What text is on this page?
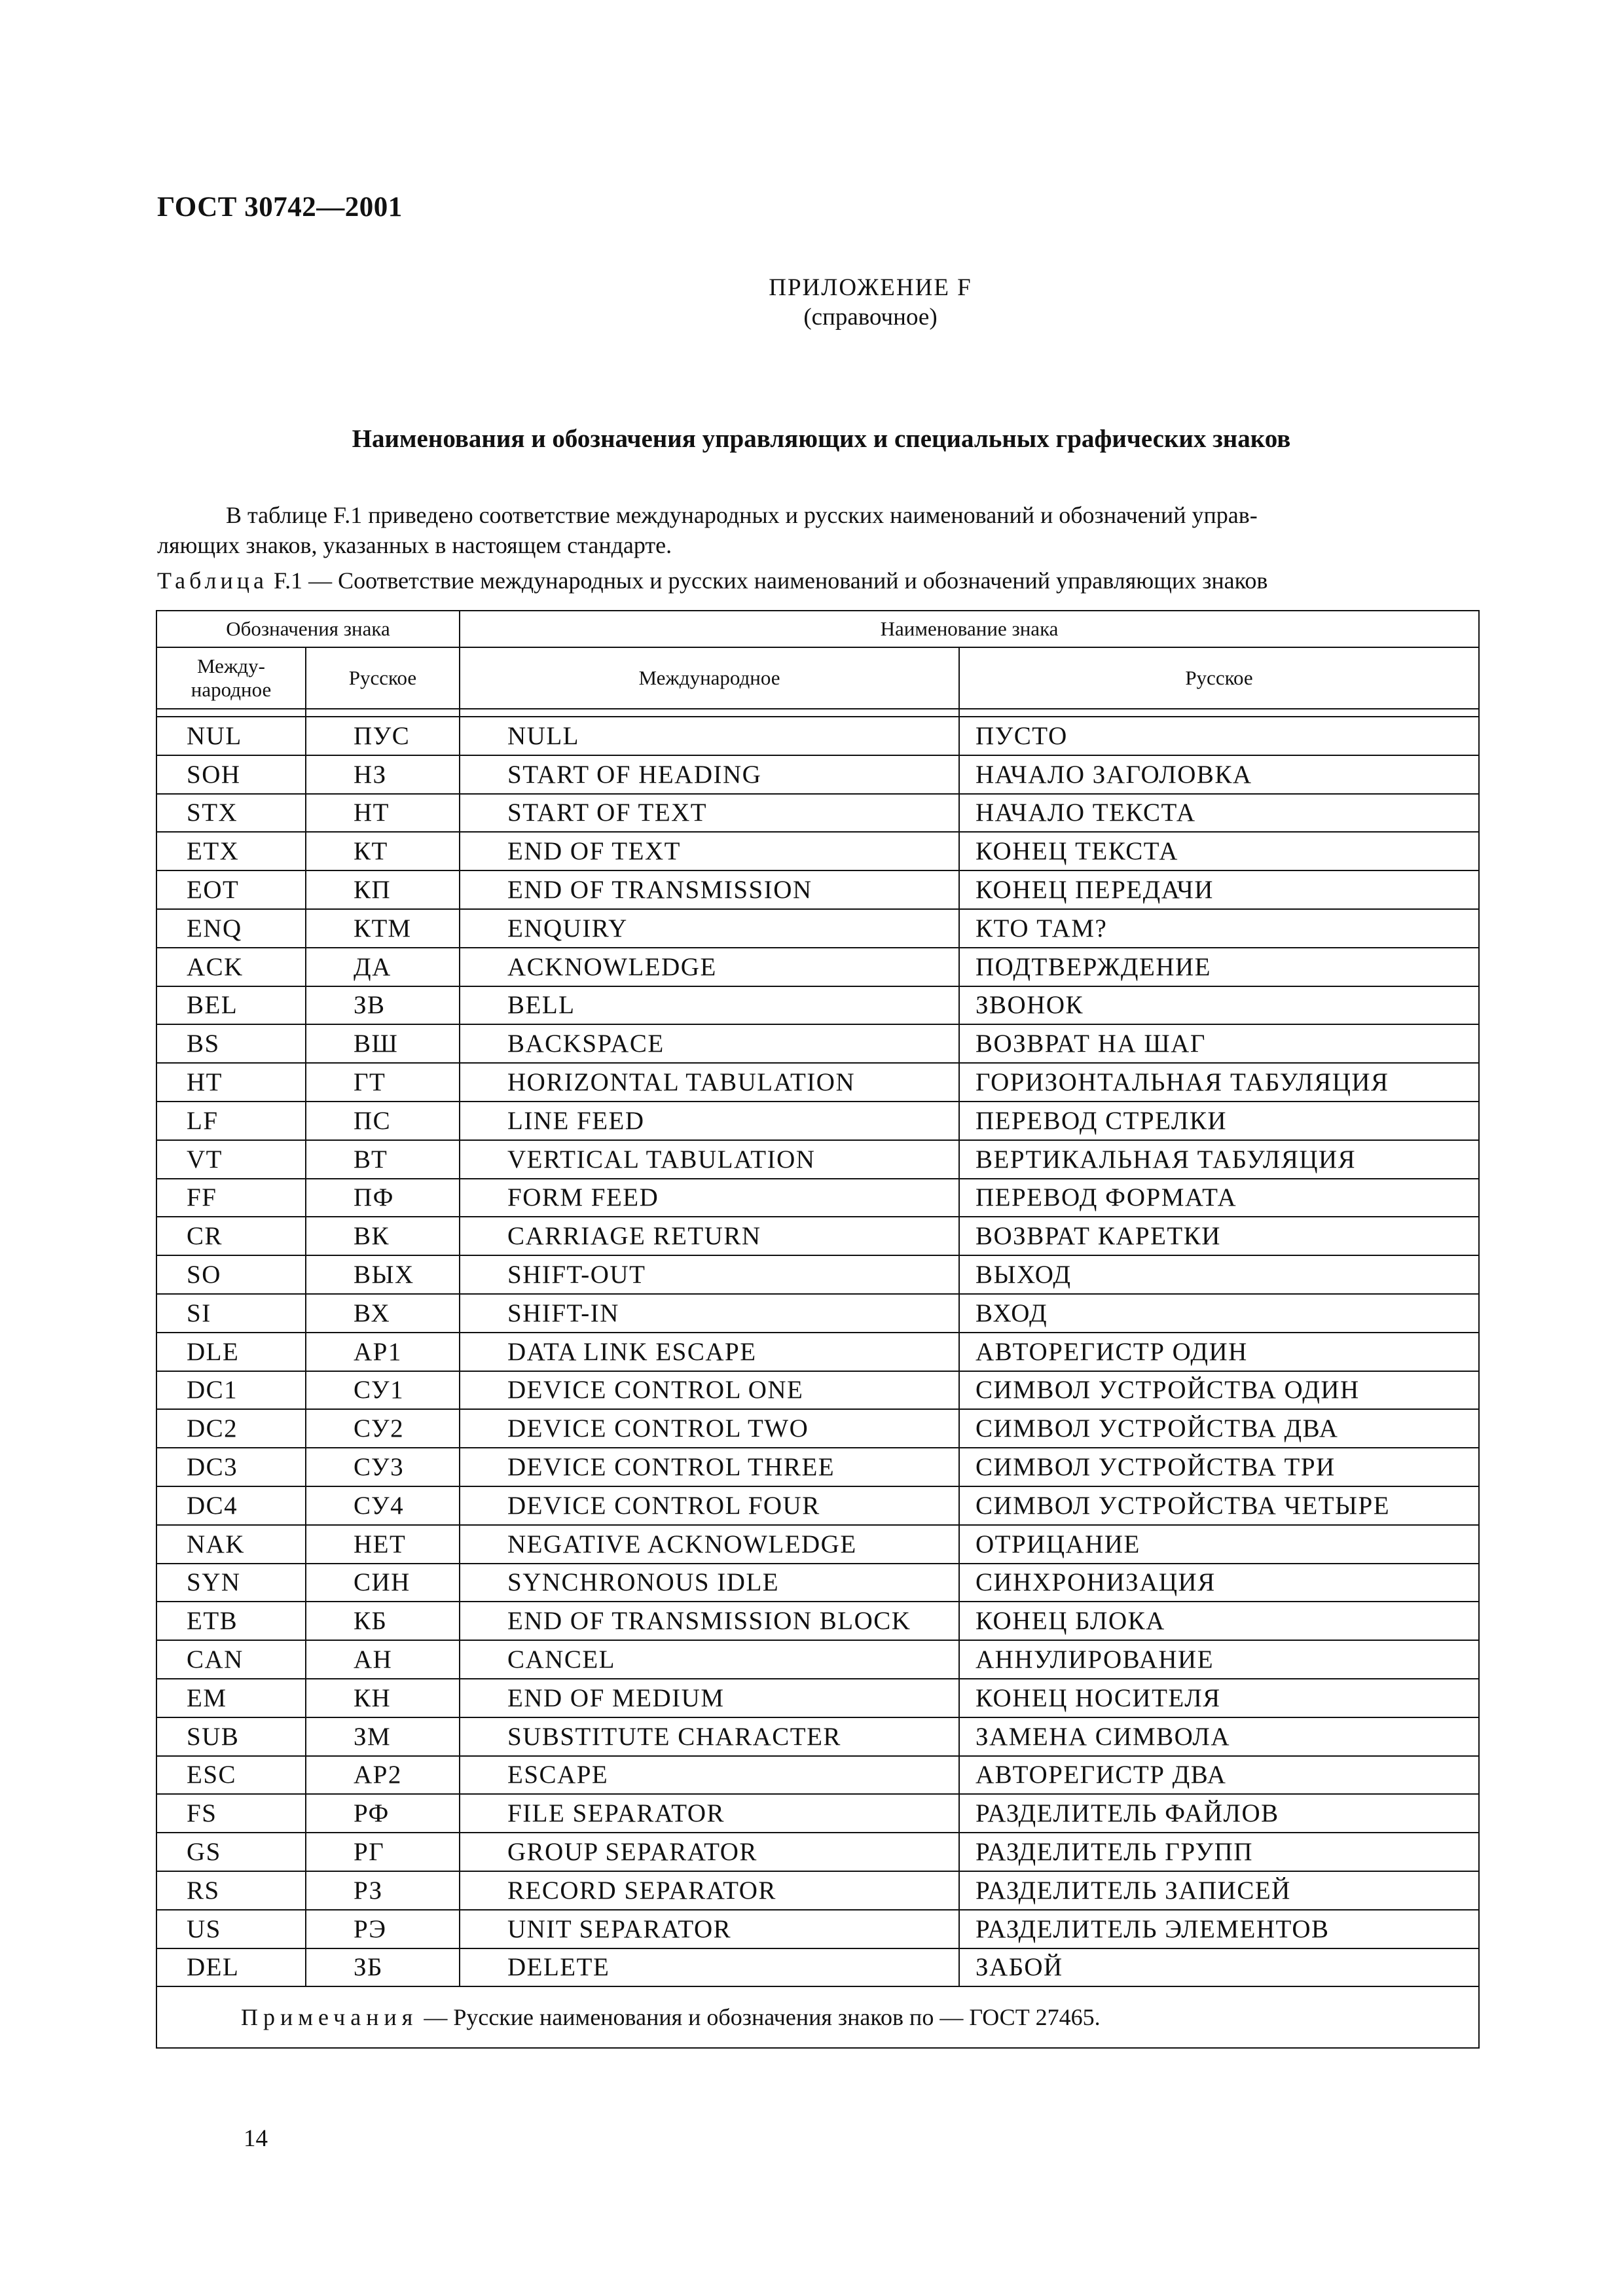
ГОСТ 30742—2001
ПРИЛОЖЕНИЕ F
(справочное)
Наименования и обозначения управляющих и специальных графических знаков
В таблице F.1 приведено соответствие международных и русских наименований и обозначений управ-
ляющих знаков, указанных в настоящем стандарте.
Таблица F.1 — Соответствие международных и русских наименований и обозначений управляющих знаков
Обозначения знака		Наименование знака	

Между-
народное	Русское	Международное	Русское

NUL	ПУС	NULL	ПУСТО
SOH	НЗ	START OF HEADING	НАЧАЛО ЗАГОЛОВКА
STX	НТ	START OF TEXT	НАЧАЛО ТЕКСТА
ETX	КТ	END OF TEXT	КОНЕЦ ТЕКСТА
EOT	КП	END OF TRANSMISSION	КОНЕЦ ПЕРЕДАЧИ
ENQ	КТМ	ENQUIRY	КТО ТАМ?
ACK	ДА	ACKNOWLEDGE	ПОДТВЕРЖДЕНИЕ
BEL	ЗВ	BELL	ЗВОНОК
BS	ВШ	BACKSPACE	ВОЗВРАТ НА ШАГ
HT	ГТ	HORIZONTAL TABULATION	ГОРИЗОНТАЛЬНАЯ ТАБУЛЯЦИЯ
LF	ПС	LINE FEED	ПЕРЕВОД СТРЕЛКИ
VT	ВТ	VERTICAL TABULATION	ВЕРТИКАЛЬНАЯ ТАБУЛЯЦИЯ
FF	ПФ	FORM FEED	ПЕРЕВОД ФОРМАТА
CR	ВК	CARRIAGE RETURN	ВОЗВРАТ КАРЕТКИ
SO	ВЫХ	SHIFT-OUT	ВЫХОД
SI	ВХ	SHIFT-IN	ВХОД
DLE	АР1	DATA LINK ESCAPE	АВТОРЕГИСТР ОДИН
DC1	СУ1	DEVICE CONTROL ONE	СИМВОЛ УСТРОЙСТВА ОДИН
DC2	СУ2	DEVICE CONTROL TWO	СИМВОЛ УСТРОЙСТВА ДВА
DC3	СУ3	DEVICE CONTROL THREE	СИМВОЛ УСТРОЙСТВА ТРИ
DC4	СУ4	DEVICE CONTROL FOUR	СИМВОЛ УСТРОЙСТВА ЧЕТЫРЕ
NAK	НЕТ	NEGATIVE ACKNOWLEDGE	ОТРИЦАНИЕ
SYN	СИН	SYNCHRONOUS IDLE	СИНХРОНИЗАЦИЯ
ETB	КБ	END OF TRANSMISSION BLOCK	КОНЕЦ БЛОКА
CAN	АН	CANCEL	АННУЛИРОВАНИЕ
EM	КН	END OF MEDIUM	КОНЕЦ НОСИТЕЛЯ
SUB	ЗМ	SUBSTITUTE CHARACTER	ЗАМЕНА СИМВОЛА
ESC	АР2	ESCAPE	АВТОРЕГИСТР ДВА
FS	РФ	FILE SEPARATOR	РАЗДЕЛИТЕЛЬ ФАЙЛОВ
GS	РГ	GROUP SEPARATOR	РАЗДЕЛИТЕЛЬ ГРУПП
RS	РЗ	RECORD SEPARATOR	РАЗДЕЛИТЕЛЬ ЗАПИСЕЙ
US	РЭ	UNIT SEPARATOR	РАЗДЕЛИТЕЛЬ ЭЛЕМЕНТОВ
DEL	ЗБ	DELETE	ЗАБОЙ
Примечания — Русские наименования и обозначения знаков по — ГОСТ 27465.			
14
